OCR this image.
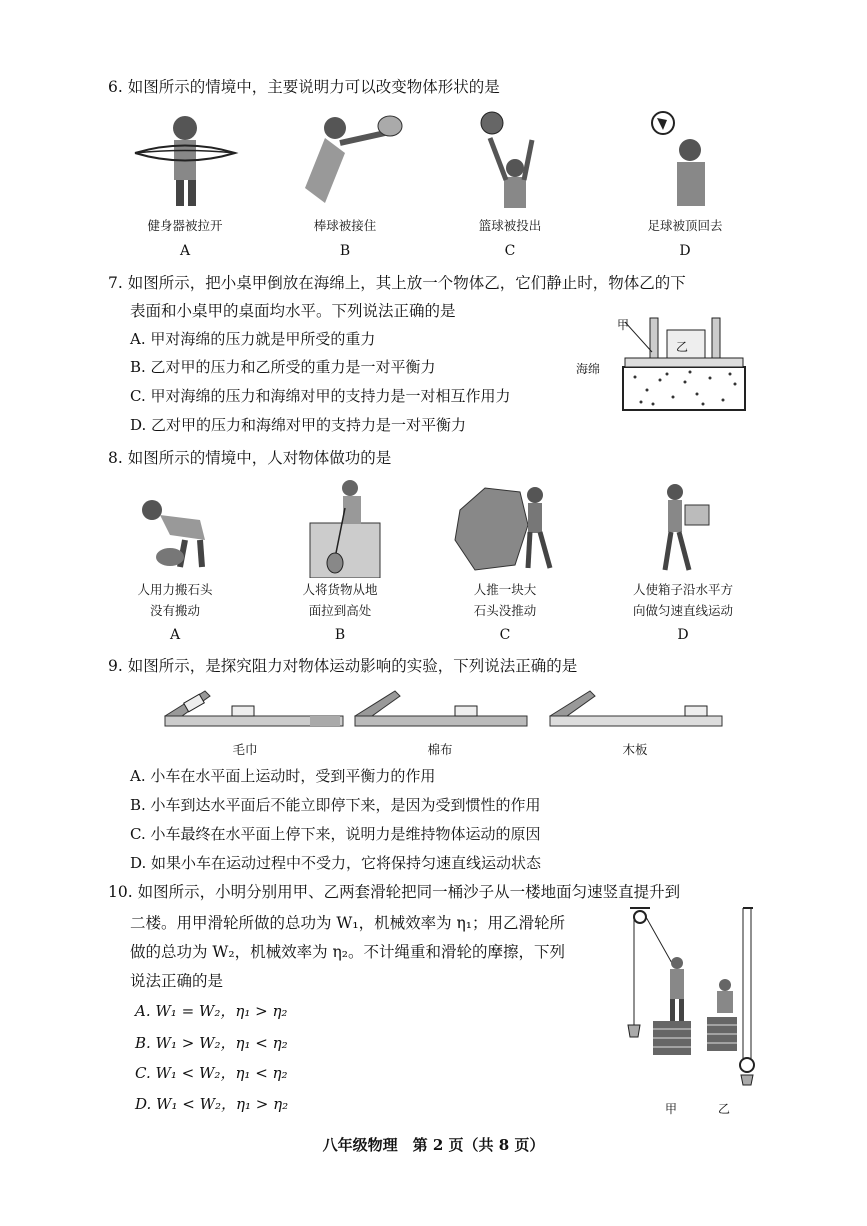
6. 如图所示的情境中，主要说明力可以改变物体形状的是
健身器被拉开	棒球被接住	篮球被投出	足球被顶回去
A	B	C	D
7. 如图所示，把小桌甲倒放在海绵上，其上放一个物体乙，它们静止时，物体乙的下
表面和小桌甲的桌面均水平。下列说法正确的是
A. 甲对海绵的压力就是甲所受的重力
B. 乙对甲的压力和乙所受的重力是一对平衡力
C. 甲对海绵的压力和海绵对甲的支持力是一对相互作用力
D. 乙对甲的压力和海绵对甲的支持力是一对平衡力
甲
乙
海绵
8. 如图所示的情境中，人对物体做功的是
人用力搬石头
没有搬动
人将货物从地
面拉到高处
人推一块大
石头没推动
人使箱子沿水平方
向做匀速直线运动
A	B	C	D
9. 如图所示，是探究阻力对物体运动影响的实验，下列说法正确的是
毛巾	棉布	木板
A. 小车在水平面上运动时，受到平衡力的作用
B. 小车到达水平面后不能立即停下来，是因为受到惯性的作用
C. 小车最终在水平面上停下来，说明力是维持物体运动的原因
D. 如果小车在运动过程中不受力，它将保持匀速直线运动状态
10. 如图所示，小明分别用甲、乙两套滑轮把同一桶沙子从一楼地面匀速竖直提升到
二楼。用甲滑轮所做的总功为 W₁，机械效率为 η₁；用乙滑轮所
做的总功为 W₂，机械效率为 η₂。不计绳重和滑轮的摩擦，下列
说法正确的是
A. W₁ = W₂，η₁ > η₂
B. W₁ > W₂，η₁ < η₂
C. W₁ < W₂，η₁ < η₂
D. W₁ < W₂，η₁ > η₂	甲	乙
八年级物理　第 2 页（共 8 页）
